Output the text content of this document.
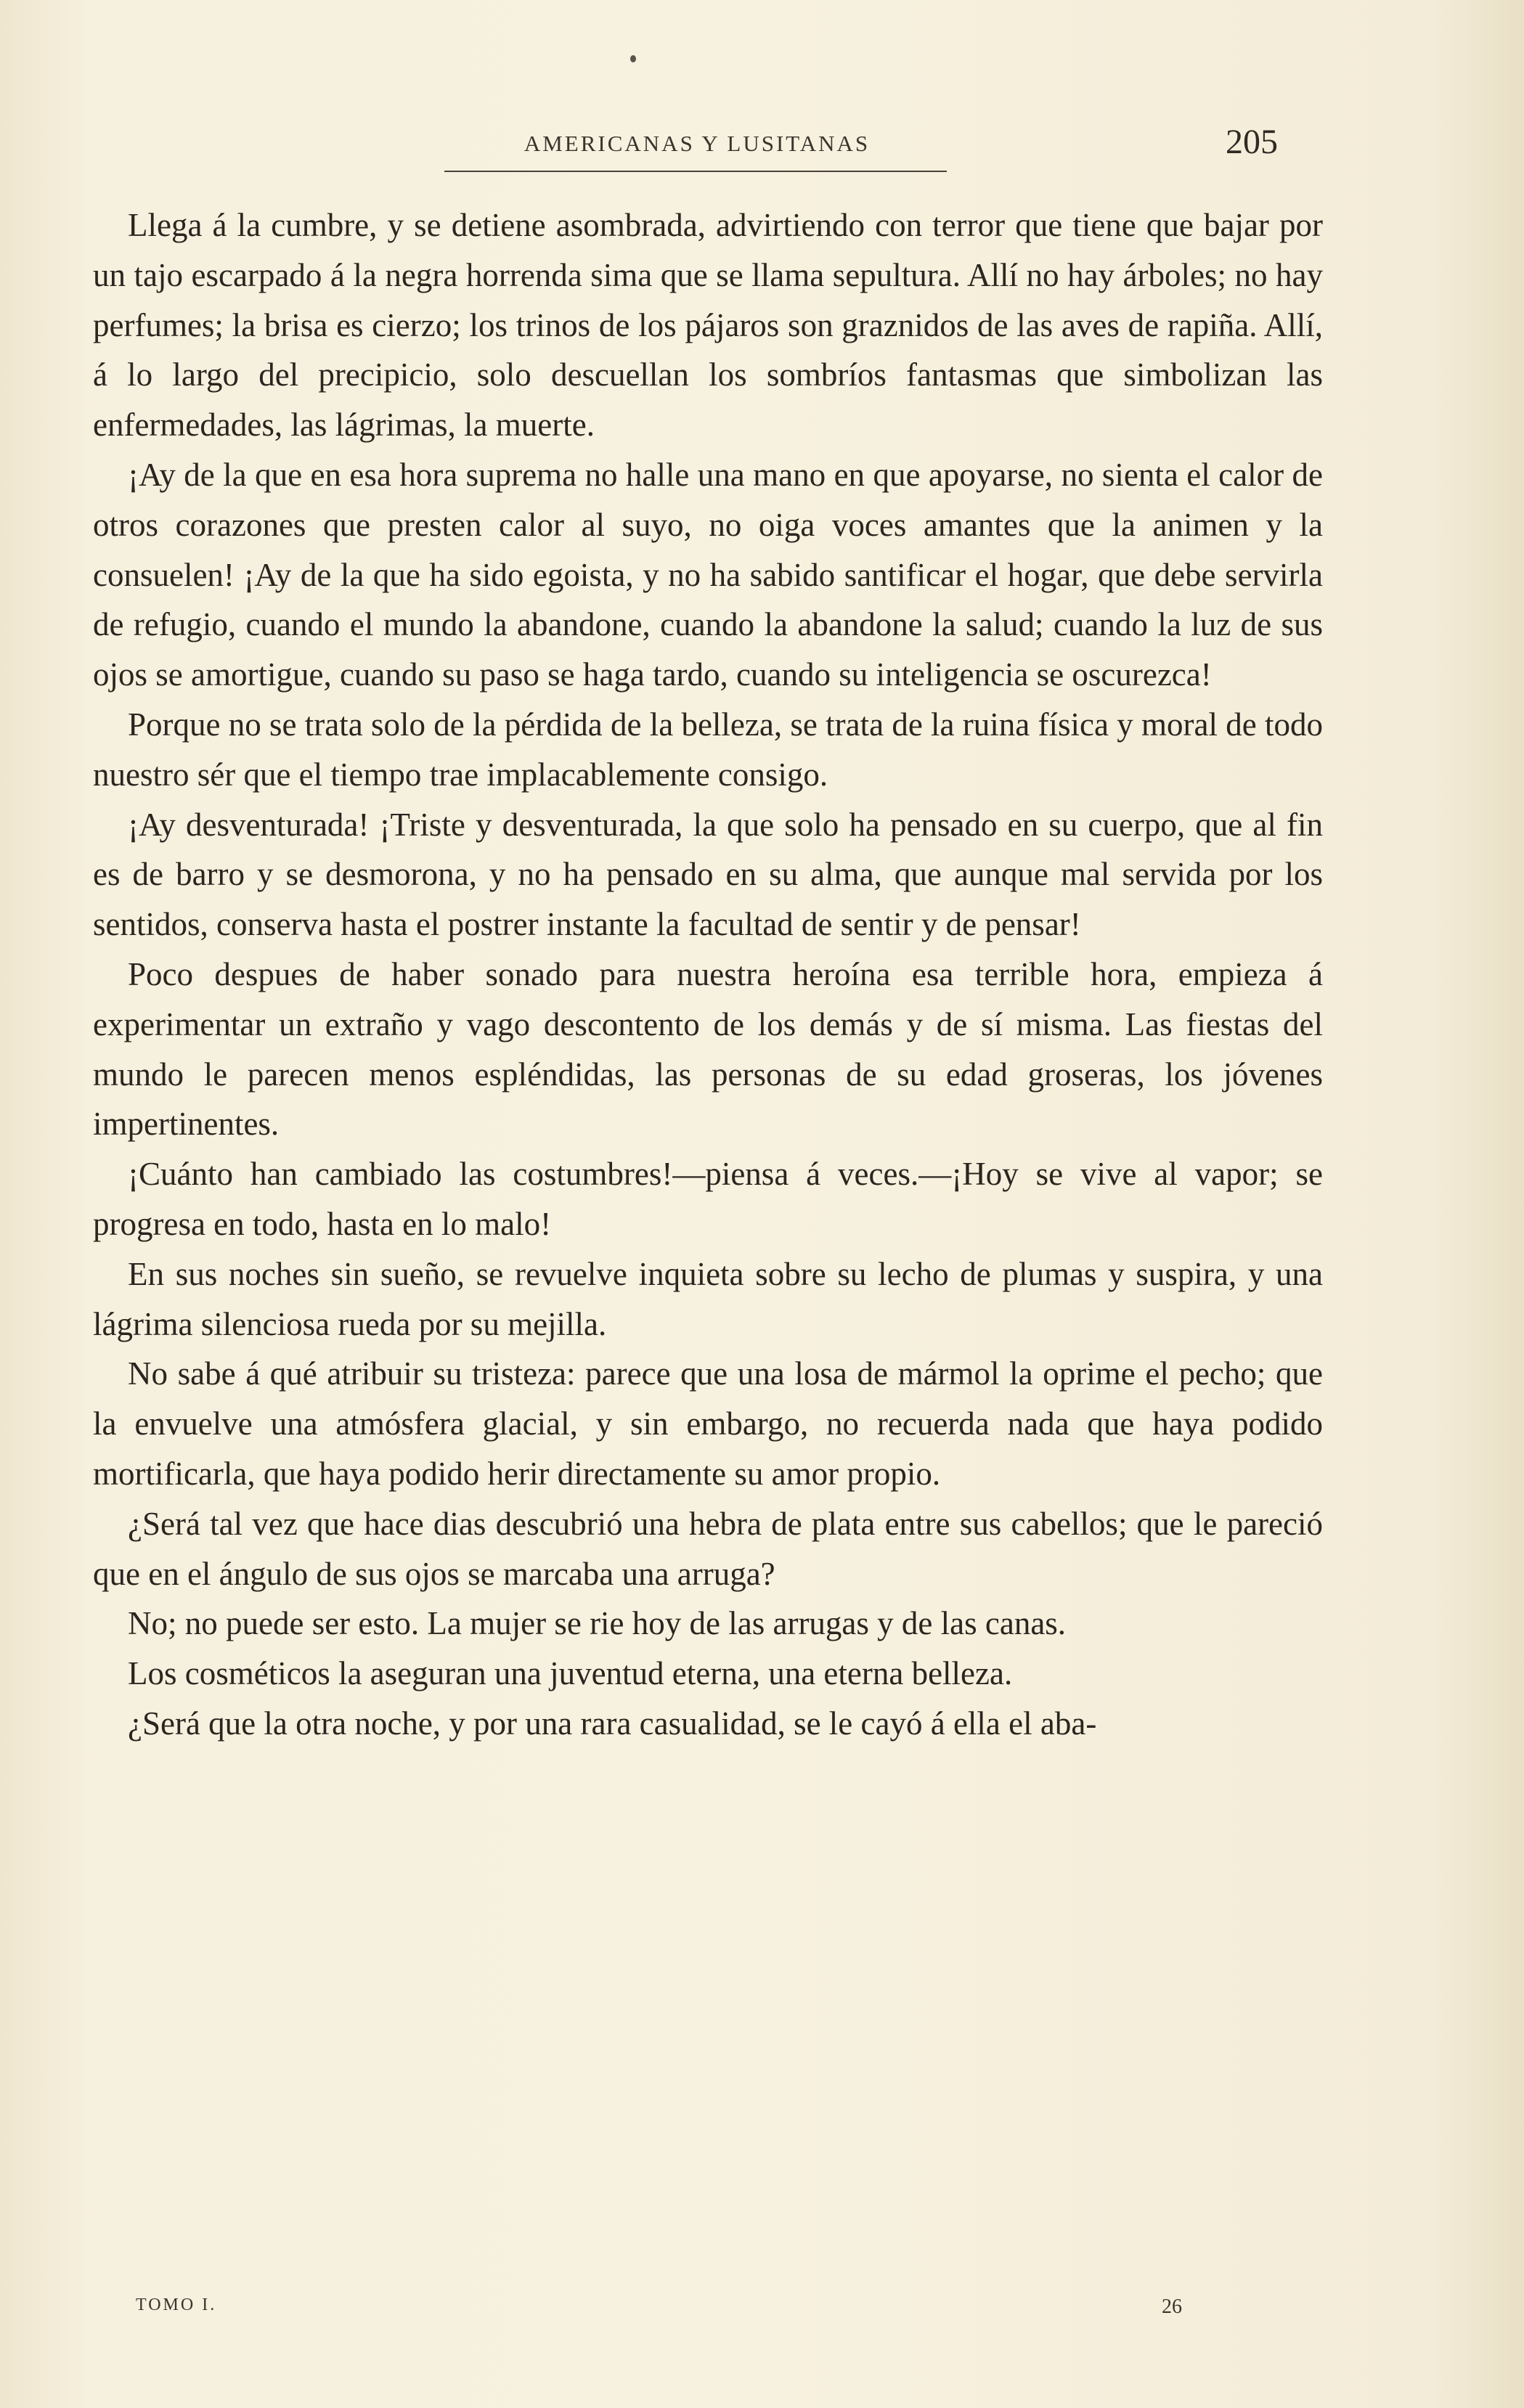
AMERICANAS Y LUSITANAS	205

Llega á la cumbre, y se detiene asombrada, advirtiendo con terror que tiene que bajar por un tajo escarpado á la negra horrenda sima que se llama sepultura. Allí no hay árboles; no hay perfumes; la brisa es cierzo; los trinos de los pájaros son graznidos de las aves de rapiña. Allí, á lo largo del precipicio, solo descuellan los sombríos fantasmas que simbolizan las enfermedades, las lágrimas, la muerte.

¡Ay de la que en esa hora suprema no halle una mano en que apoyarse, no sienta el calor de otros corazones que presten calor al suyo, no oiga voces amantes que la animen y la consuelen! ¡Ay de la que ha sido egoista, y no ha sabido santificar el hogar, que debe servirla de refugio, cuando el mundo la abandone, cuando la abandone la salud; cuando la luz de sus ojos se amortigue, cuando su paso se haga tardo, cuando su inteligencia se oscurezca!

Porque no se trata solo de la pérdida de la belleza, se trata de la ruina física y moral de todo nuestro sér que el tiempo trae implacablemente consigo.

¡Ay desventurada! ¡Triste y desventurada, la que solo ha pensado en su cuerpo, que al fin es de barro y se desmorona, y no ha pensado en su alma, que aunque mal servida por los sentidos, conserva hasta el postrer instante la facultad de sentir y de pensar!

Poco despues de haber sonado para nuestra heroína esa terrible hora, empieza á experimentar un extraño y vago descontento de los demás y de sí misma. Las fiestas del mundo le parecen menos espléndidas, las personas de su edad groseras, los jóvenes impertinentes.

¡Cuánto han cambiado las costumbres!—piensa á veces.—¡Hoy se vive al vapor; se progresa en todo, hasta en lo malo!

En sus noches sin sueño, se revuelve inquieta sobre su lecho de plumas y suspira, y una lágrima silenciosa rueda por su mejilla.

No sabe á qué atribuir su tristeza: parece que una losa de mármol la oprime el pecho; que la envuelve una atmósfera glacial, y sin embargo, no recuerda nada que haya podido mortificarla, que haya podido herir directamente su amor propio.

¿Será tal vez que hace dias descubrió una hebra de plata entre sus cabellos; que le pareció que en el ángulo de sus ojos se marcaba una arruga?

No; no puede ser esto. La mujer se rie hoy de las arrugas y de las canas.

Los cosméticos la aseguran una juventud eterna, una eterna belleza.

¿Será que la otra noche, y por una rara casualidad, se le cayó á ella el aba-

TOMO I.	26
